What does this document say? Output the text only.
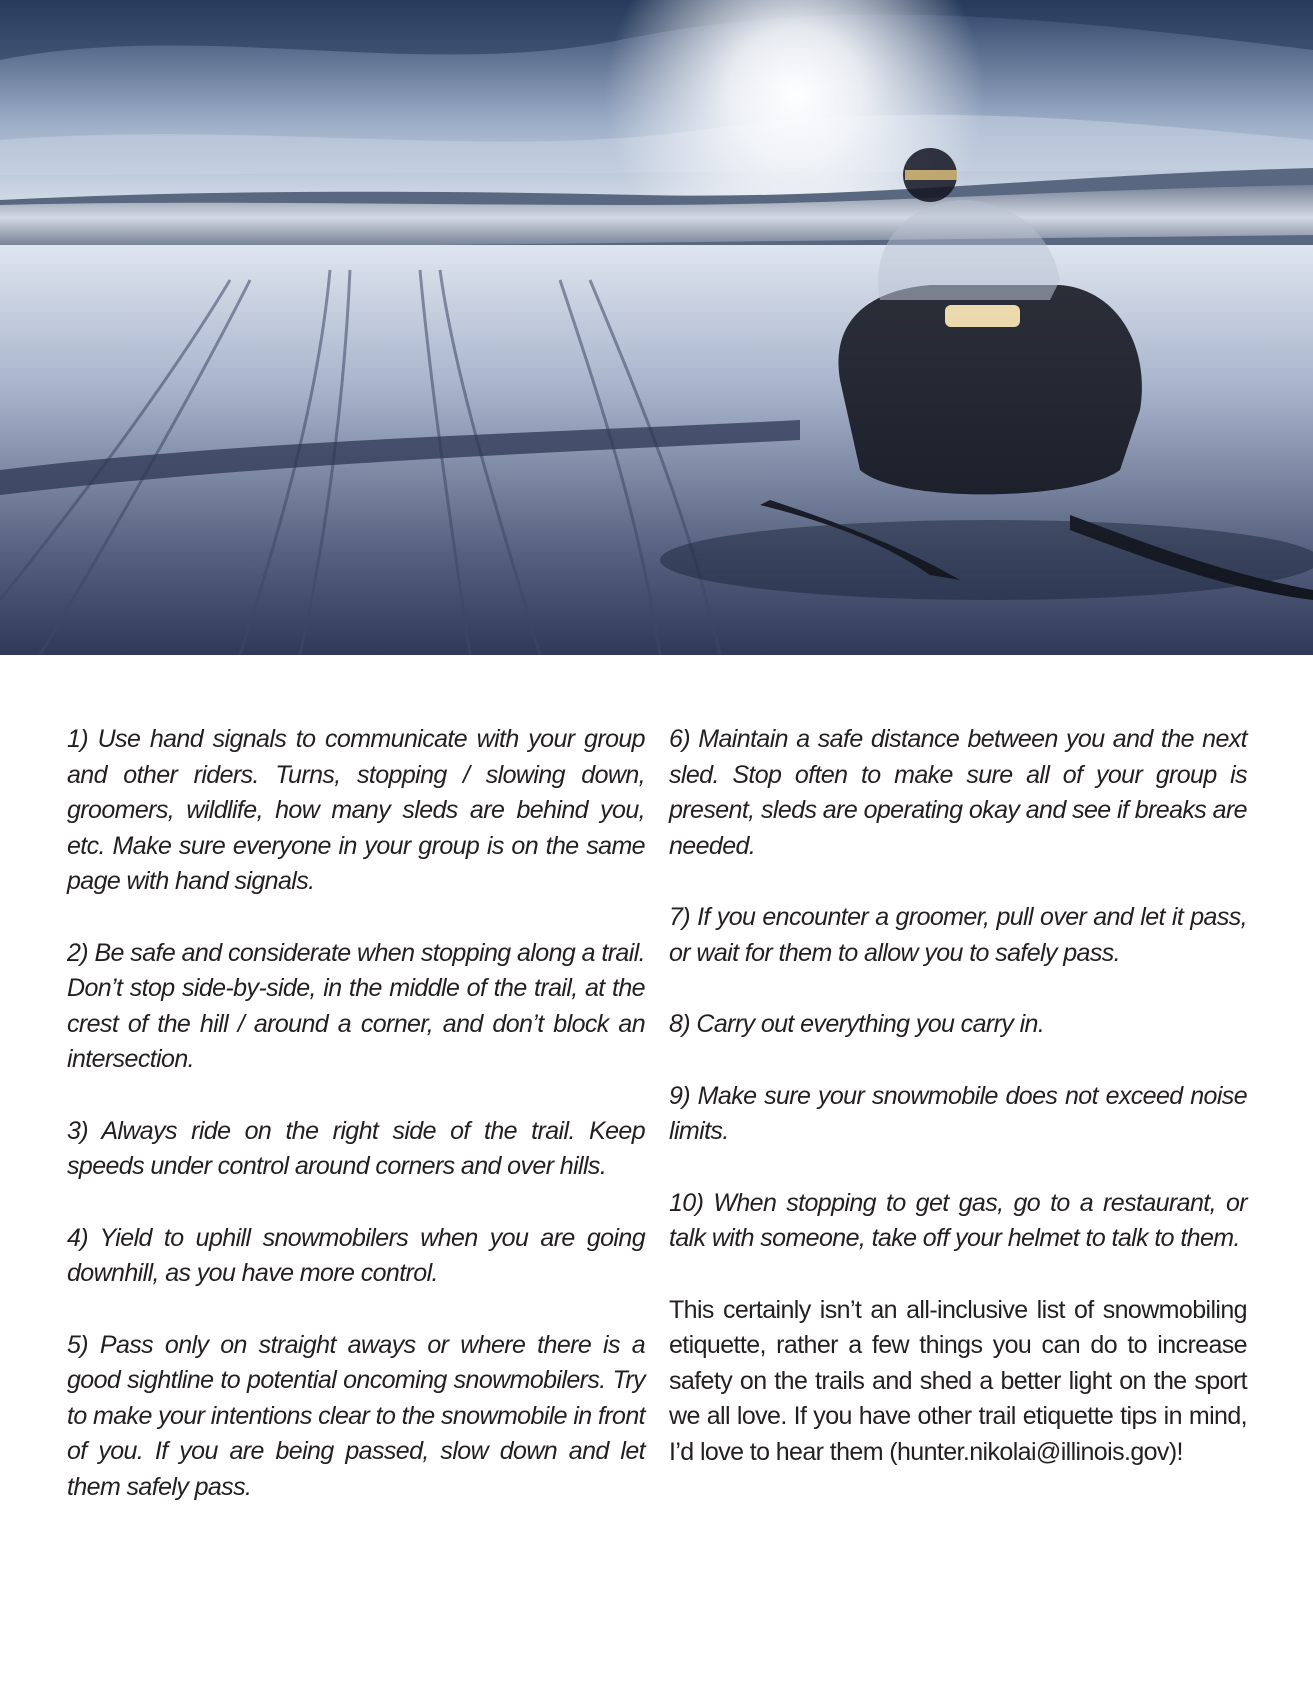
1) Use hand signals to communicate with your group and other riders. Turns, stopping / slowing down, groomers, wildlife, how many sleds are behind you, etc. Make sure everyone in your group is on the same page with hand signals.

2) Be safe and considerate when stopping along a trail. Don’t stop side-by-side, in the middle of the trail, at the crest of the hill / around a corner, and don’t block an intersection.

3) Always ride on the right side of the trail. Keep speeds under control around corners and over hills.

4) Yield to uphill snowmobilers when you are going downhill, as you have more control.

5) Pass only on straight aways or where there is a good sightline to potential oncoming snowmobilers. Try to make your intentions clear to the snowmobile in front of you. If you are being passed, slow down and let them safely pass.

6) Maintain a safe distance between you and the next sled. Stop often to make sure all of your group is present, sleds are operating okay and see if breaks are needed.

7) If you encounter a groomer, pull over and let it pass, or wait for them to allow you to safely pass.

8) Carry out everything you carry in.

9) Make sure your snowmobile does not exceed noise limits.

10) When stopping to get gas, go to a restaurant, or talk with someone, take off your helmet to talk to them.

This certainly isn’t an all-inclusive list of snowmobiling etiquette, rather a few things you can do to increase safety on the trails and shed a better light on the sport we all love. If you have other trail etiquette tips in mind, I’d love to hear them (hunter.nikolai@illinois.gov)!
